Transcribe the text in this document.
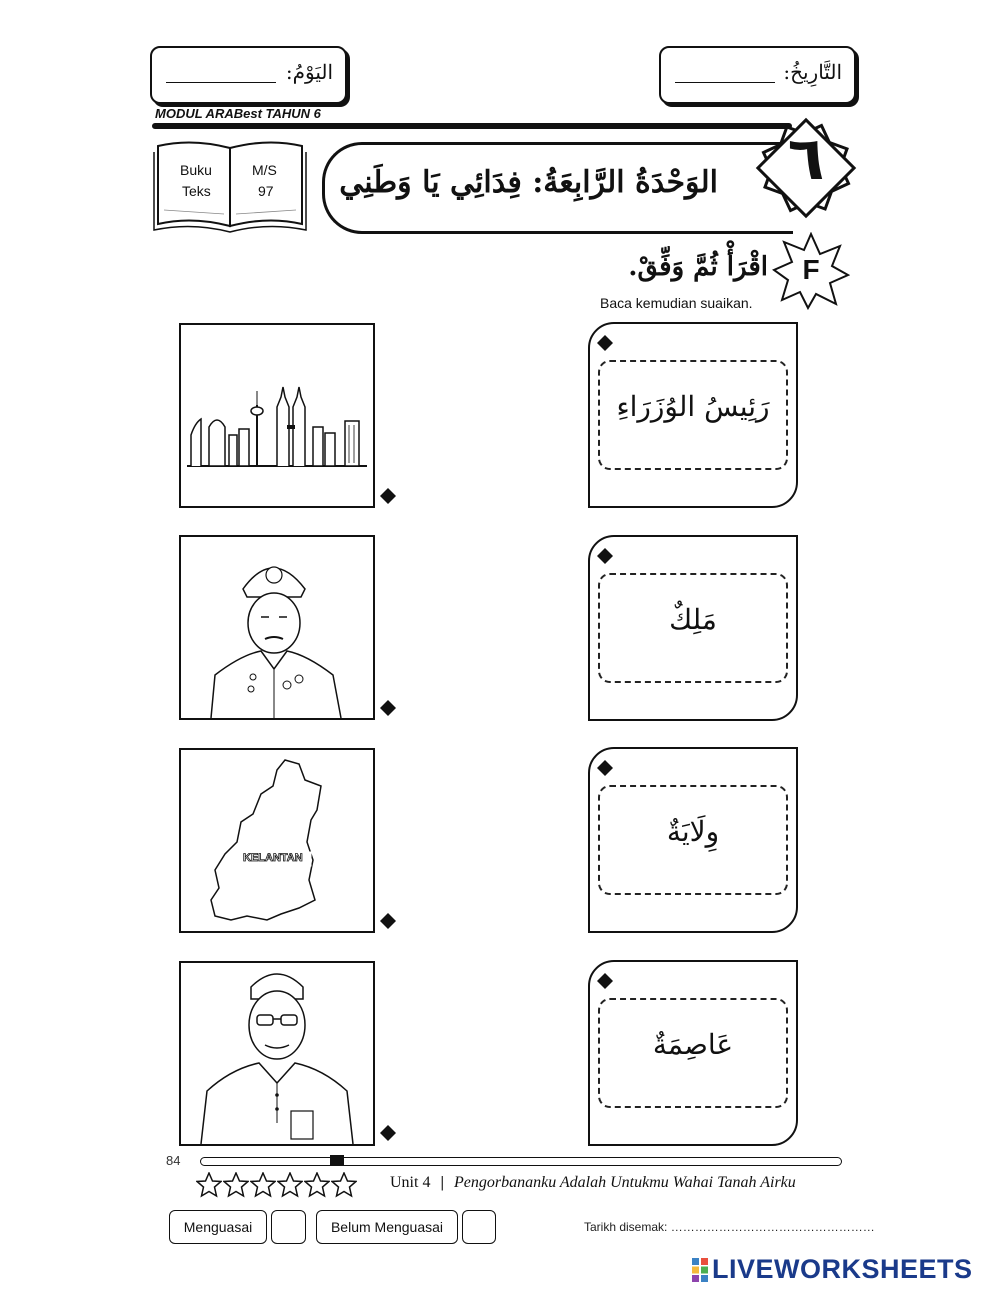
اليَوْمُ:	التَّارِيخُ:
MODUL ARABest TAHUN 6
Buku
Teks
M/S
97 الوَحْدَةُ الرَّابِعَةُ: فِدَائِي يَا وَطَنِي	٦
F
اقْرَأْ ثُمَّ وَفِّقْ.
Baca kemudian suaikan.
رَئِيسُ الوُزَرَاءِ
مَلِكٌ
KELANTAN
وِلَايَةٌ
عَاصِمَةٌ
84
Unit 4 | Pengorbananku Adalah Untukmu Wahai Tanah Airku
Menguasai	Belum Menguasai	Tarikh disemak: ……………………………………………
LIVEWORKSHEETS
